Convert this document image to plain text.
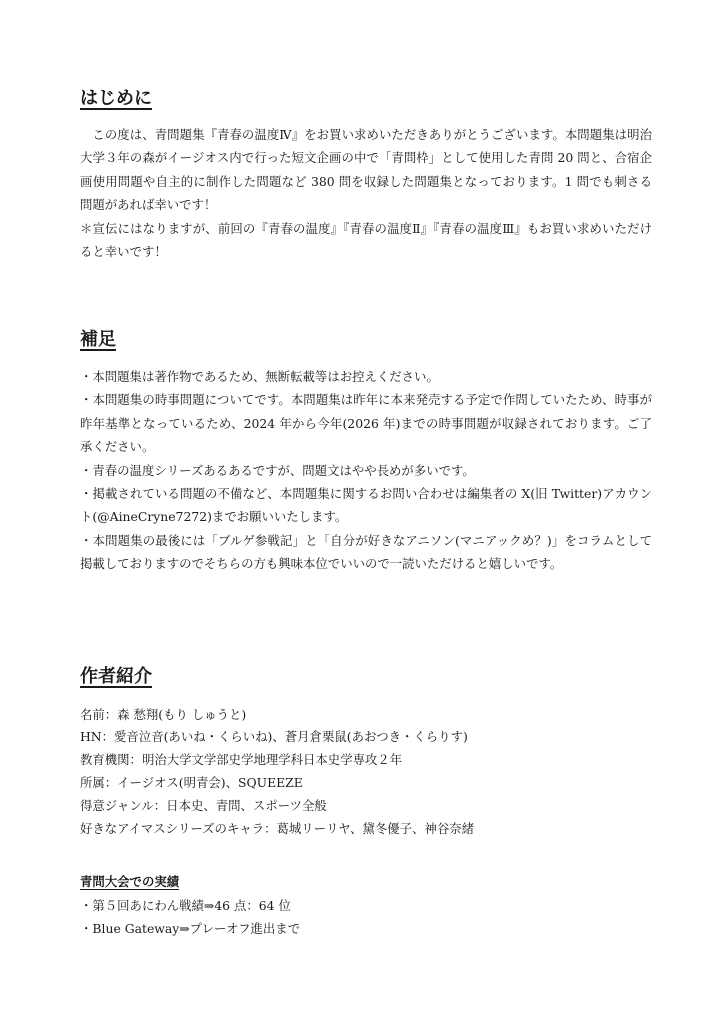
はじめに

この度は、青問題集『青春の温度Ⅳ』をお買い求めいただきありがとうございます。本問題集は明治大学３年の森がイージオス内で行った短文企画の中で「青問枠」として使用した青問 20 問と、合宿企画使用問題や自主的に制作した問題など 380 問を収録した問題集となっております。1 問でも刺さる問題があれば幸いです！

＊宣伝にはなりますが、前回の『青春の温度』『青春の温度Ⅱ』『青春の温度Ⅲ』もお買い求めいただけると幸いです！

補足

・本問題集は著作物であるため、無断転載等はお控えください。

・本問題集の時事問題についてです。本問題集は昨年に本来発売する予定で作問していたため、時事が昨年基準となっているため、2024 年から今年(2026 年)までの時事問題が収録されております。ご了承ください。

・青春の温度シリーズあるあるですが、問題文はやや長めが多いです。

・掲載されている問題の不備など、本問題集に関するお問い合わせは編集者の X(旧 Twitter)アカウント(@AineCryne7272)までお願いいたします。

・本問題集の最後には「ブルゲ参戦記」と「自分が好きなアニソン(マニアックめ？)」をコラムとして掲載しておりますのでそちらの方も興味本位でいいので一読いただけると嬉しいです。

作者紹介

名前：森 愁翔(もり しゅうと)

HN：愛音泣音(あいね・くらいね)、蒼月倉栗鼠(あおつき・くらりす)

教育機関：明治大学文学部史学地理学科日本史学専攻２年

所属：イージオス(明青会)、SQUEEZE

得意ジャンル：日本史、青問、スポーツ全般

好きなアイマスシリーズのキャラ：葛城リーリヤ、黛冬優子、神谷奈緒

青問大会での実績

・第５回あにわん戦績⇒46 点：64 位

・Blue Gateway⇒プレーオフ進出まで
